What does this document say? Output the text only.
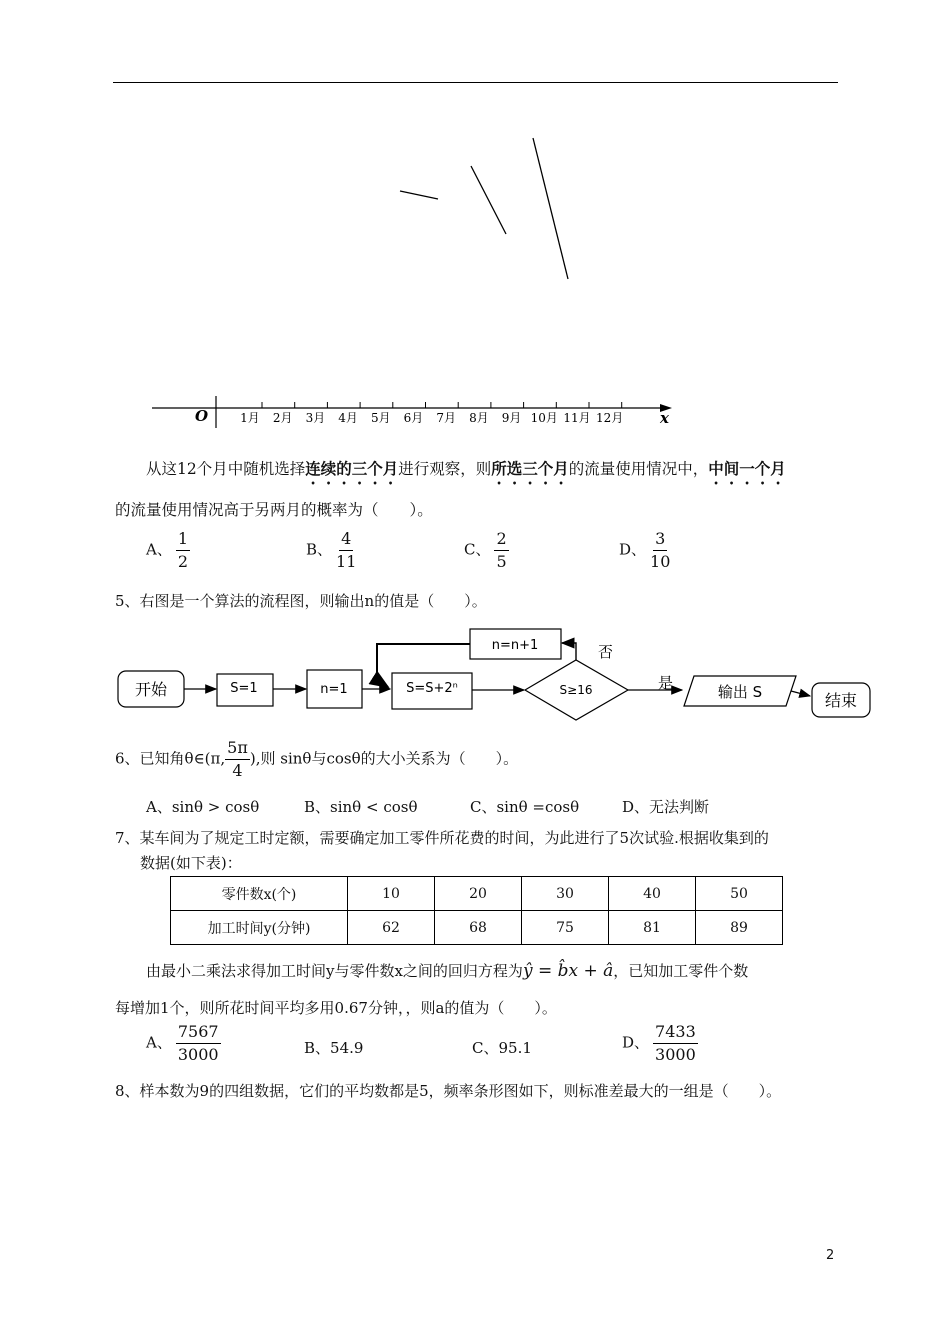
O	x
1月 2月 3月 4月 5月 6月 7月 8月 9月 10月 11月 12月
从这12个月中随机选择连续的三个月进行观察，则所选三个月的流量使用情况中，中间一个月
的流量使用情况高于另两月的概率为（　　）。
A、 $\frac{1}{2}$	B、 $\frac{4}{11}$	C、 $\frac{2}{5}$	D、 $\frac{3}{10}$
5、右图是一个算法的流程图，则输出n的值是（　　）。
开始	S=1	n=1	S=S+2ⁿ	S≥16
否
n=n+1
是	输出 S	结束
6、已知角θ∈(π, $\frac{5\pi}{4}$ ),则 sinθ与cosθ的大小关系为（　　）。
A、sinθ > cosθ	B、sinθ < cosθ	C、sinθ =cosθ	D、无法判断
7、某车间为了规定工时定额，需要确定加工零件所花费的时间，为此进行了5次试验.根据收集到的
数据(如下表)：
零件数x(个)	10	20	30	40	50
加工时间y(分钟)	62	68	75	81	89
由最小二乘法求得加工时间y与零件数x之间的回归方程为ŷ = b̂x + â，已知加工零件个数
每增加1个，则所花时间平均多用0.67分钟，，则a的值为（　　）。
A、 $\frac{7567}{3000}$	B、54.9	C、95.1	D、 $\frac{7433}{3000}$
8、样本数为9的四组数据，它们的平均数都是5，频率条形图如下，则标准差最大的一组是（　　）。
2
